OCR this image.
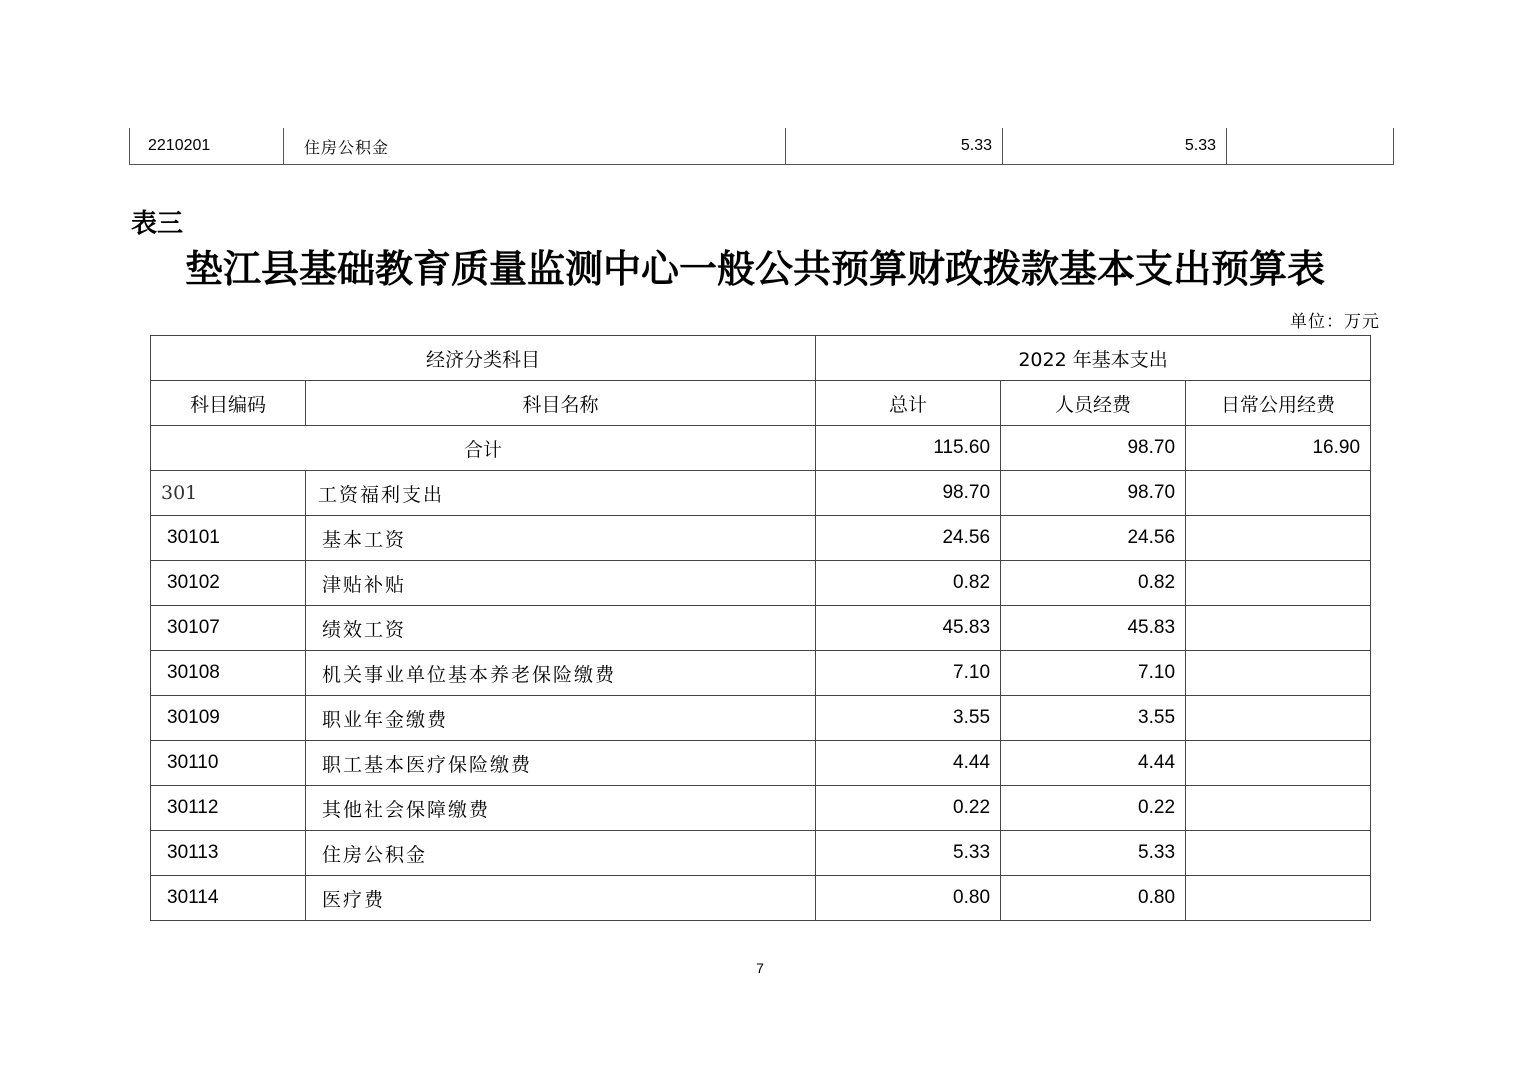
2210201	住房公积金	5.33	5.33	
表三
垫江县基础教育质量监测中心一般公共预算财政拨款基本支出预算表
单位：万元
经济分类科目		2022 年基本支出		
科目编码	科目名称	总计	人员经费	日常公用经费
合计		115.60	98.70	16.90
301	工资福利支出	98.70	98.70	
30101	基本工资	24.56	24.56	
30102	津贴补贴	0.82	0.82	
30107	绩效工资	45.83	45.83	
30108	机关事业单位基本养老保险缴费	7.10	7.10	
30109	职业年金缴费	3.55	3.55	
30110	职工基本医疗保险缴费	4.44	4.44	
30112	其他社会保障缴费	0.22	0.22	
30113	住房公积金	5.33	5.33	
30114	医疗费	0.80	0.80	
7
